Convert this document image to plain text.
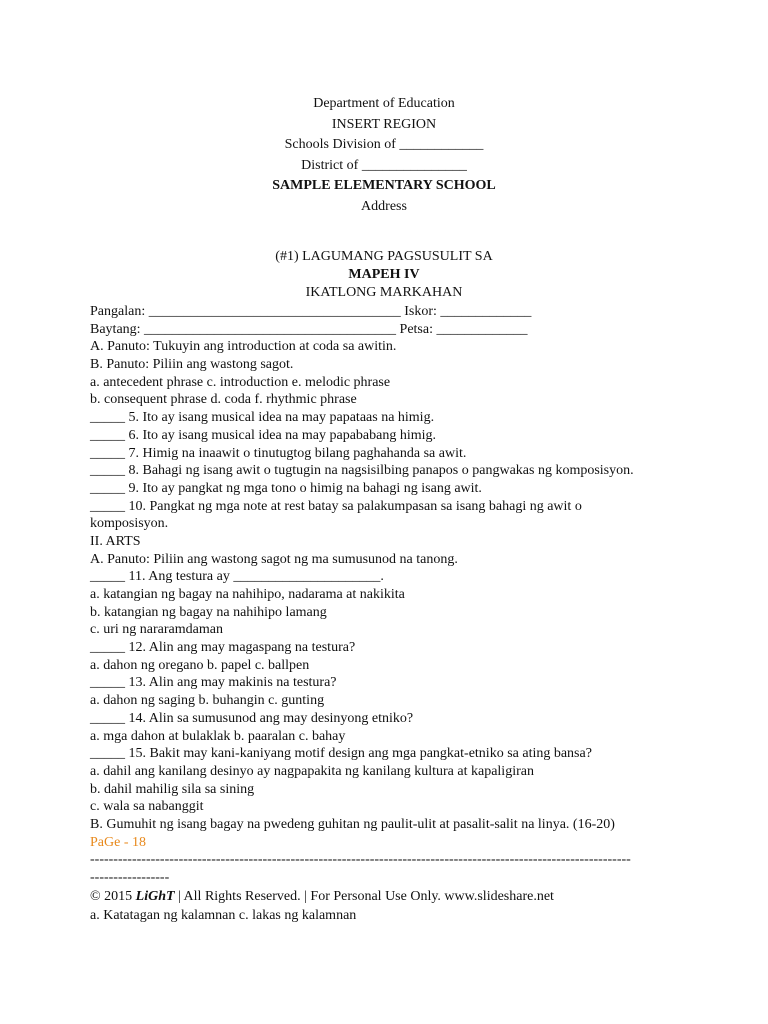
Department of Education
INSERT REGION
Schools Division of ____________
District of _______________
SAMPLE ELEMENTARY SCHOOL
Address
(#1) LAGUMANG PAGSUSULIT SA
MAPEH IV
IKATLONG MARKAHAN
Pangalan: ____________________________________ Iskor: _____________
Baytang: ____________________________________ Petsa: _____________
A. Panuto: Tukuyin ang introduction at coda sa awitin.
B. Panuto: Piliin ang wastong sagot.
a. antecedent phrase c. introduction e. melodic phrase
b. consequent phrase d. coda f. rhythmic phrase
_____ 5. Ito ay isang musical idea na may papataas na himig.
_____ 6. Ito ay isang musical idea na may papababang himig.
_____ 7. Himig na inaawit o tinutugtog bilang paghahanda sa awit.
_____ 8. Bahagi ng isang awit o tugtugin na nagsisilbing panapos o pangwakas ng komposisyon.
_____ 9. Ito ay pangkat ng mga tono o himig na bahagi ng isang awit.
_____ 10. Pangkat ng mga note at rest batay sa palakumpasan sa isang bahagi ng awit o
komposisyon.
II. ARTS
A. Panuto: Piliin ang wastong sagot ng ma sumusunod na tanong.
_____ 11. Ang testura ay _____________________.
a. katangian ng bagay na nahihipo, nadarama at nakikita
b. katangian ng bagay na nahihipo lamang
c. uri ng nararamdaman
_____ 12. Alin ang may magaspang na testura?
a. dahon ng oregano b. papel c. ballpen
_____ 13. Alin ang may makinis na testura?
a. dahon ng saging b. buhangin c. gunting
_____ 14. Alin sa sumusunod ang may desinyong etniko?
a. mga dahon at bulaklak b. paaralan c. bahay
_____ 15. Bakit may kani-kaniyang motif design ang mga pangkat-etniko sa ating bansa?
a. dahil ang kanilang desinyo ay nagpapakita ng kanilang kultura at kapaligiran
b. dahil mahilig sila sa sining
c. wala sa nabanggit
B. Gumuhit ng isang bagay na pwedeng guhitan ng paulit-ulit at pasalit-salit na linya. (16-20)
PaGe - 18
--------------------------------------------------------------------------------------------------------------------
-----------------
© 2015 LiGhT | All Rights Reserved. | For Personal Use Only. www.slideshare.net
a. Katatagan ng kalamnan c. lakas ng kalamnan
